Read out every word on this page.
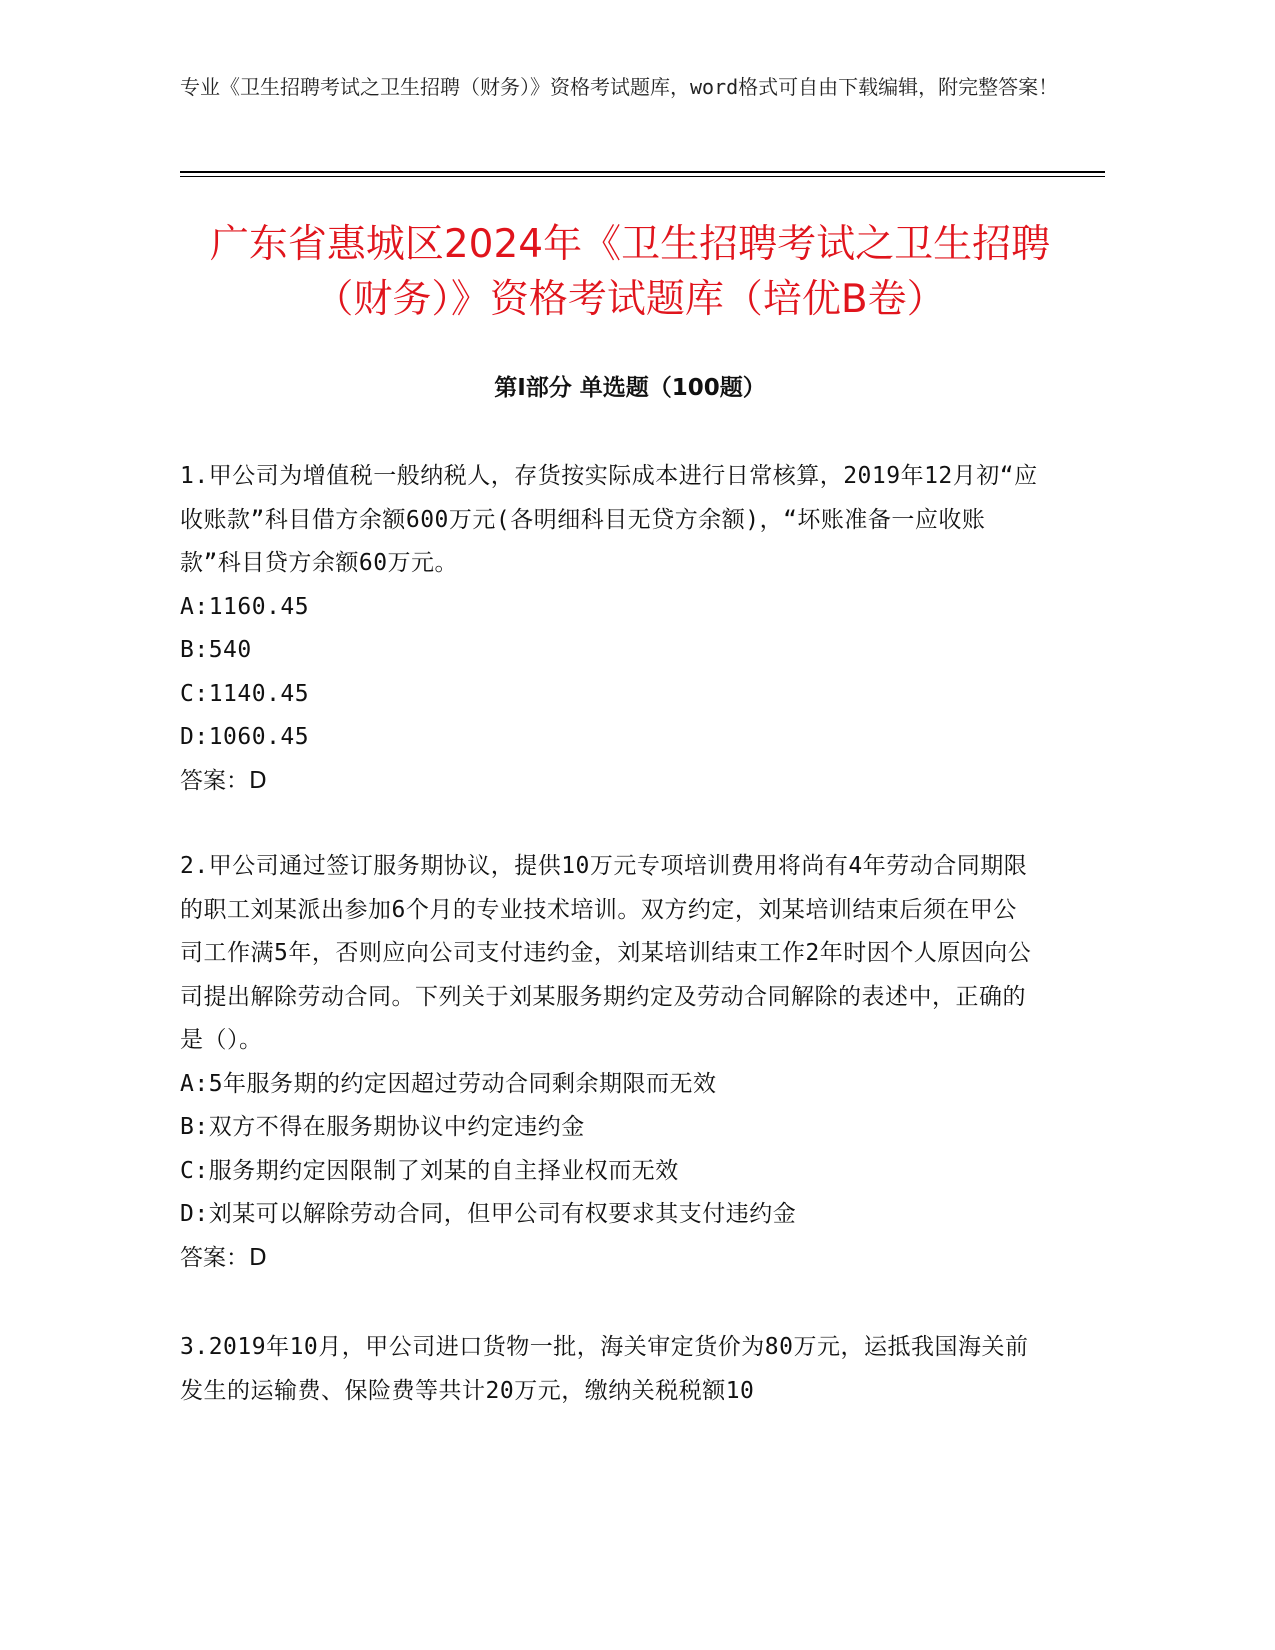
专业《卫生招聘考试之卫生招聘（财务）》资格考试题库，word格式可自由下载编辑，附完整答案！
广东省惠城区2024年《卫生招聘考试之卫生招聘（财务）》资格考试题库（培优B卷）
第I部分 单选题（100题）

1.甲公司为增值税一般纳税人，存货按实际成本进行日常核算，2019年12月初“应收账款”科目借方余额600万元(各明细科目无贷方余额)，“坏账准备一应收账款”科目贷方余额60万元。

A:1160.45

B:540

C:1140.45

D:1060.45

答案：D

2.甲公司通过签订服务期协议，提供10万元专项培训费用将尚有4年劳动合同期限的职工刘某派出参加6个月的专业技术培训。双方约定，刘某培训结束后须在甲公司工作满5年，否则应向公司支付违约金，刘某培训结束工作2年时因个人原因向公司提出解除劳动合同。下列关于刘某服务期约定及劳动合同解除的表述中，正确的是（）。

A:5年服务期的约定因超过劳动合同剩余期限而无效

B:双方不得在服务期协议中约定违约金

C:服务期约定因限制了刘某的自主择业权而无效

D:刘某可以解除劳动合同，但甲公司有权要求其支付违约金

答案：D

3.2019年10月，甲公司进口货物一批，海关审定货价为80万元，运抵我国海关前发生的运输费、保险费等共计20万元，缴纳关税税额10
